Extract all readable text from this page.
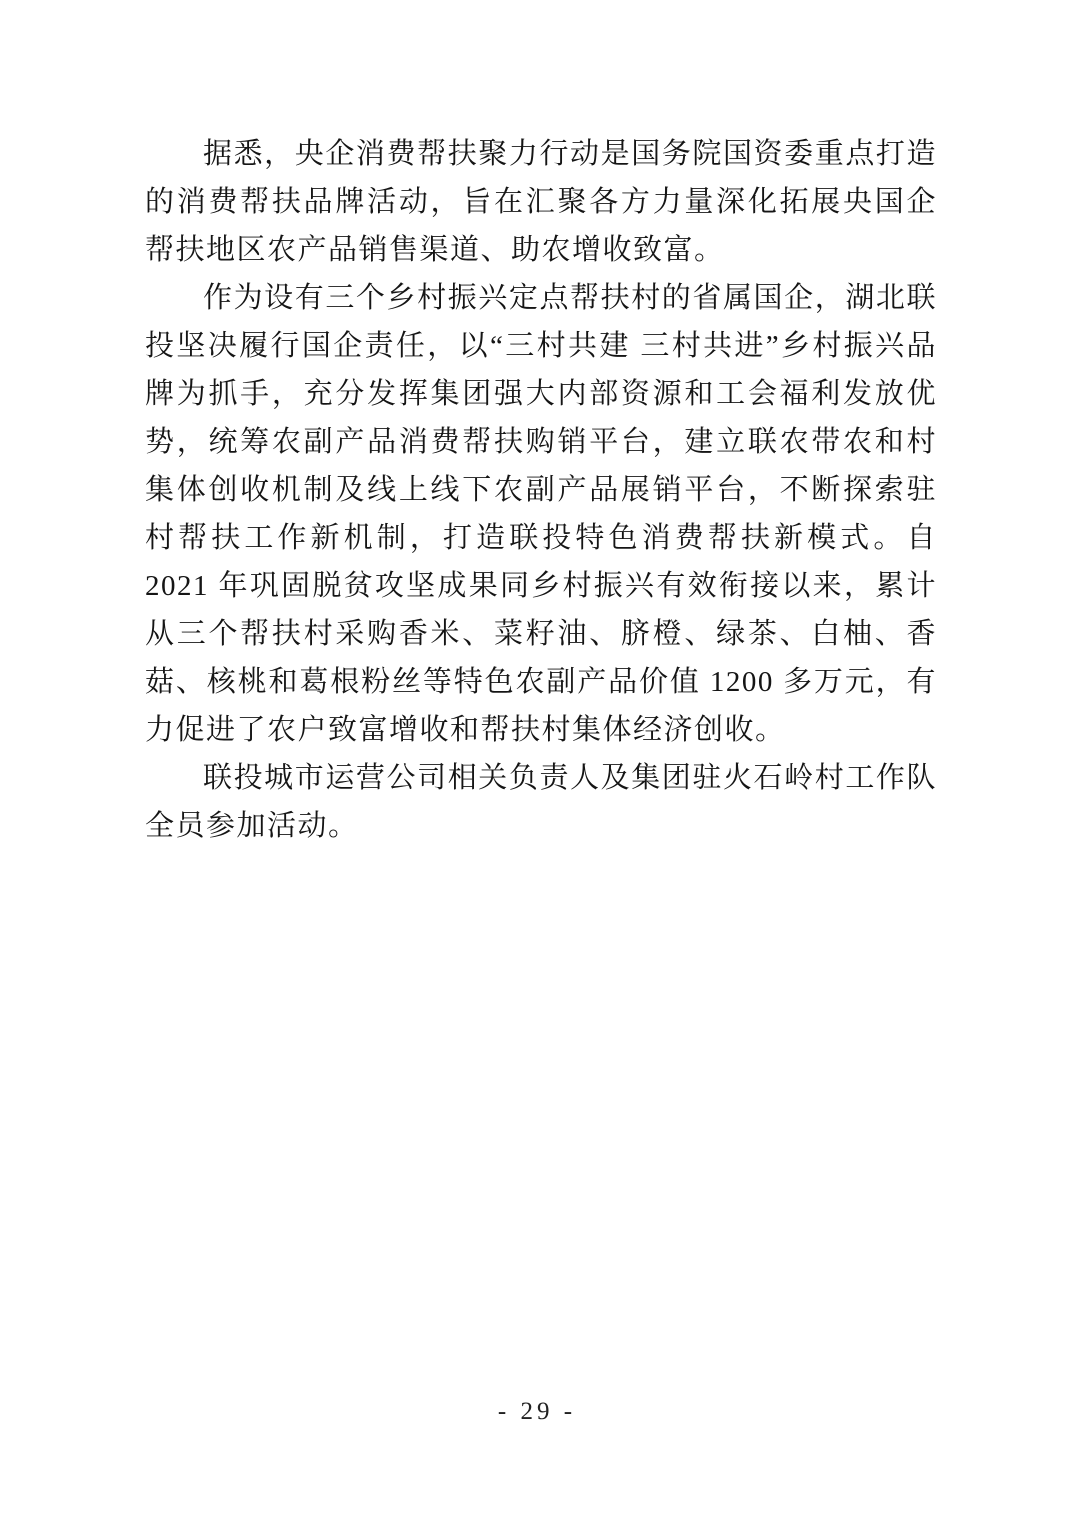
据悉，央企消费帮扶聚力行动是国务院国资委重点打造的消费帮扶品牌活动，旨在汇聚各方力量深化拓展央国企帮扶地区农产品销售渠道、助农增收致富。

作为设有三个乡村振兴定点帮扶村的省属国企，湖北联投坚决履行国企责任，以“三村共建 三村共进”乡村振兴品牌为抓手，充分发挥集团强大内部资源和工会福利发放优势，统筹农副产品消费帮扶购销平台，建立联农带农和村集体创收机制及线上线下农副产品展销平台，不断探索驻村帮扶工作新机制，打造联投特色消费帮扶新模式。自 2021 年巩固脱贫攻坚成果同乡村振兴有效衔接以来，累计从三个帮扶村采购香米、菜籽油、脐橙、绿茶、白柚、香菇、核桃和葛根粉丝等特色农副产品价值 1200 多万元，有力促进了农户致富增收和帮扶村集体经济创收。

联投城市运营公司相关负责人及集团驻火石岭村工作队全员参加活动。

- 29 -
